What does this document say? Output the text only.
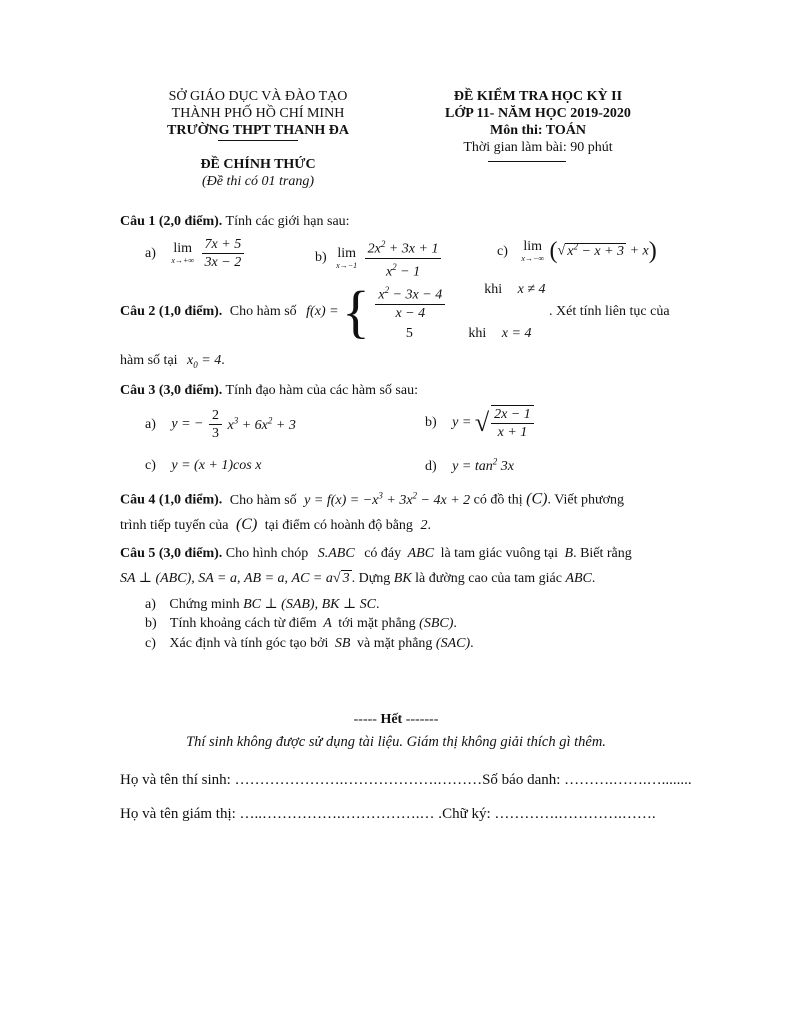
SỞ GIÁO DỤC VÀ ĐÀO TẠO
THÀNH PHỐ HỒ CHÍ MINH
TRƯỜNG THPT THANH ĐA
ĐỀ CHÍNH THỨC
(Đề thi có 01 trang)
ĐỀ KIỂM TRA HỌC KỲ II
LỚP 11- NĂM HỌC 2019-2020
Môn thi: TOÁN
Thời gian làm bài: 90 phút
Câu 1 (2,0 điểm). Tính các giới hạn sau:
a) lim
x→+∞
$\frac{7x + 5}{3x - 2}$	b) lim
x→−1
$\frac{2x^2 + 3x + 1}{x^2 - 1}$	c) lim
x→−∞ (√ $x^2 - x + 3 + x$)
Câu 2 (1,0 điểm). Cho hàm số f(x) = { $\frac{x^2 - 3x - 4}{x - 4}$	khi x ≠ 4
5	khi x = 4
. Xét tính liên tục của
hàm số tại $x_0 = 4$.
Câu 3 (3,0 điểm). Tính đạo hàm của các hàm số sau:
a) y = − $\frac{2}{3} x^3 + 6x^2 + 3$	b) y = √ $\frac{2x - 1}{x + 1}$
c) y = (x + 1)cos x	d) $y = \tan^2 3x$
Câu 4 (1,0 điểm). Cho hàm số $y = f(x) = -x^3 + 3x^2 - 4x + 2$ có đồ thị (C). Viết phương
trình tiếp tuyến của (C) tại điểm có hoành độ bằng 2.
Câu 5 (3,0 điểm). Cho hình chóp S.ABC có đáy ABC là tam giác vuông tại B. Biết rằng
SA ⊥ (ABC), SA = a, AB = a, AC = a√ 3 . Dựng BK là đường cao của tam giác ABC.
a) Chứng minh BC ⊥ (SAB), BK ⊥ SC.
b) Tính khoảng cách từ điểm A tới mặt phẳng (SBC).
c) Xác định và tính góc tạo bởi SB và mặt phẳng (SAC).
----- Hết -------
Thí sinh không được sử dụng tài liệu. Giám thị không giải thích gì thêm.
Họ và tên thí sinh: ………………….……………….………Số báo danh: ……….…….…........
Họ và tên giám thị: …..…………….…………….… .Chữ ký: ………….………….…….
